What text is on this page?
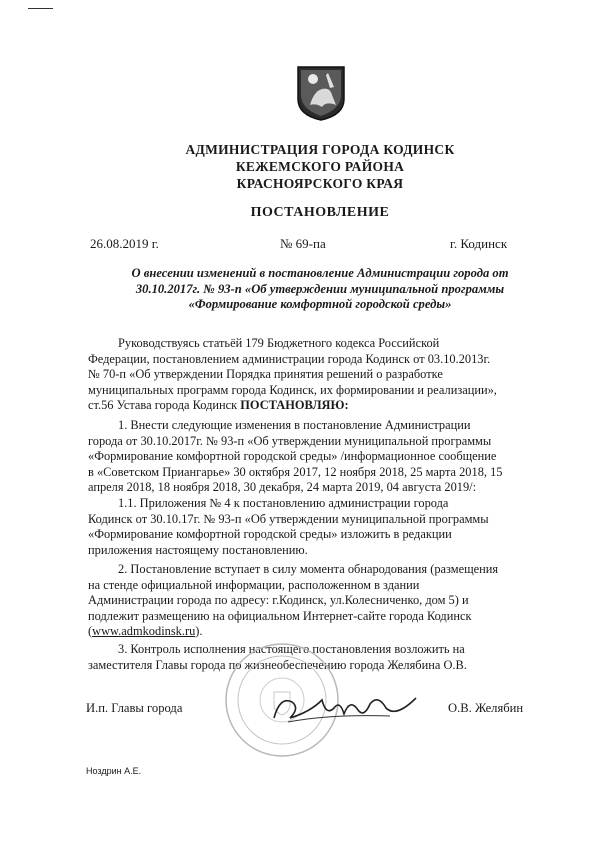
АДМИНИСТРАЦИЯ ГОРОДА КОДИНСК
КЕЖЕМСКОГО РАЙОНА
КРАСНОЯРСКОГО КРАЯ
ПОСТАНОВЛЕНИЕ
26.08.2019 г.	№ 69-па	г. Кодинск
О внесении изменений в постановление Администрации города от
30.10.2017г. № 93-п «Об утверждении муниципальной программы
«Формирование комфортной городской среды»
Руководствуясь статьёй 179 Бюджетного кодекса Российской
Федерации, постановлением администрации города Кодинск от 03.10.2013г.
№ 70-п «Об утверждении Порядка принятия решений о разработке
муниципальных программ города Кодинск, их формировании и реализации»,
ст.56 Устава города Кодинск ПОСТАНОВЛЯЮ:
1. Внести следующие изменения в постановление Администрации
города от 30.10.2017г. № 93-п «Об утверждении муниципальной программы
«Формирование комфортной городской среды» /информационное сообщение
в «Советском Приангарье» 30 октября 2017, 12 ноября 2018, 25 марта 2018, 15
апреля 2018, 18 ноября 2018, 30 декабря, 24 марта 2019, 04 августа 2019/:
1.1. Приложения № 4 к постановлению администрации города
Кодинск от 30.10.17г. № 93-п «Об утверждении муниципальной программы
«Формирование комфортной городской среды» изложить в редакции
приложения настоящему постановлению.
2. Постановление вступает в силу момента обнародования (размещения
на стенде официальной информации, расположенном в здании
Администрации города по адресу: г.Кодинск, ул.Колесниченко, дом 5) и
подлежит размещению на официальном Интернет-сайте города Кодинск
(www.admkodinsk.ru).
3. Контроль исполнения настоящего постановления возложить на
заместителя Главы города по жизнеобеспечению города Желябина О.В.
И.п. Главы города	О.В. Желябин
Ноздрин А.Е.
